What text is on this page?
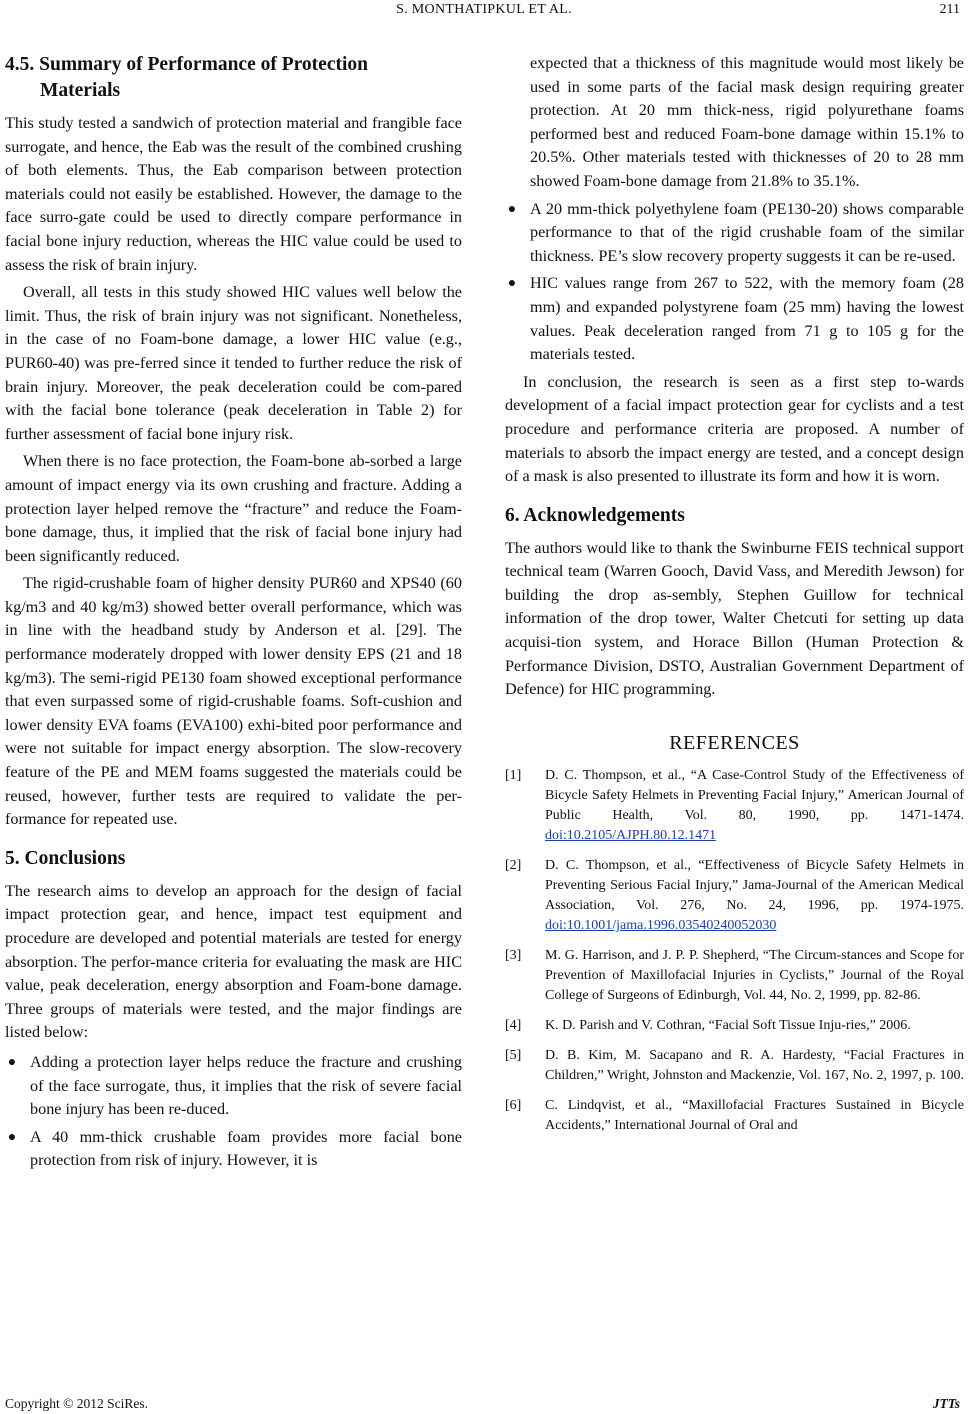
S. MONTHATIPKUL ET AL.	211
4.5. Summary of Performance of Protection
Materials

This study tested a sandwich of protection material and frangible face surrogate, and hence, the Eab was the result of the combined crushing of both elements. Thus, the Eab comparison between protection materials could not easily be established. However, the damage to the face surro-gate could be used to directly compare performance in facial bone injury reduction, whereas the HIC value could be used to assess the risk of brain injury.

Overall, all tests in this study showed HIC values well below the limit. Thus, the risk of brain injury was not significant. Nonetheless, in the case of no Foam-bone damage, a lower HIC value (e.g., PUR60-40) was pre-ferred since it tended to further reduce the risk of brain injury. Moreover, the peak deceleration could be com-pared with the facial bone tolerance (peak deceleration in Table 2) for further assessment of facial bone injury risk.

When there is no face protection, the Foam-bone ab-sorbed a large amount of impact energy via its own crushing and fracture. Adding a protection layer helped remove the “fracture” and reduce the Foam-bone damage, thus, it implied that the risk of facial bone injury had been significantly reduced.

The rigid-crushable foam of higher density PUR60 and XPS40 (60 kg/m3 and 40 kg/m3) showed better overall performance, which was in line with the headband study by Anderson et al. [29]. The performance moderately dropped with lower density EPS (21 and 18 kg/m3). The semi-rigid PE130 foam showed exceptional performance that even surpassed some of rigid-crushable foams. Soft-cushion and lower density EVA foams (EVA100) exhi-bited poor performance and were not suitable for impact energy absorption. The slow-recovery feature of the PE and MEM foams suggested the materials could be reused, however, further tests are required to validate the per-formance for repeated use.

5. Conclusions

The research aims to develop an approach for the design of facial impact protection gear, and hence, impact test equipment and procedure are developed and potential materials are tested for energy absorption. The perfor-mance criteria for evaluating the mask are HIC value, peak deceleration, energy absorption and Foam-bone damage. Three groups of materials were tested, and the major findings are listed below:

● Adding a protection layer helps reduce the fracture and crushing of the face surrogate, thus, it implies that the risk of severe facial bone injury has been re-duced.
● A 40 mm-thick crushable foam provides more facial bone protection from risk of injury. However, it is
expected that a thickness of this magnitude would most likely be used in some parts of the facial mask design requiring greater protection. At 20 mm thick-ness, rigid polyurethane foams performed best and reduced Foam-bone damage within 15.1% to 20.5%. Other materials tested with thicknesses of 20 to 28 mm showed Foam-bone damage from 21.8% to 35.1%.
● A 20 mm-thick polyethylene foam (PE130-20) shows comparable performance to that of the rigid crushable foam of the similar thickness. PE’s slow recovery property suggests it can be re-used.
● HIC values range from 267 to 522, with the memory foam (28 mm) and expanded polystyrene foam (25 mm) having the lowest values. Peak deceleration ranged from 71 g to 105 g for the materials tested.

In conclusion, the research is seen as a first step to-wards development of a facial impact protection gear for cyclists and a test procedure and performance criteria are proposed. A number of materials to absorb the impact energy are tested, and a concept design of a mask is also presented to illustrate its form and how it is worn.

6. Acknowledgements

The authors would like to thank the Swinburne FEIS technical support technical team (Warren Gooch, David Vass, and Meredith Jewson) for building the drop as-sembly, Stephen Guillow for technical information of the drop tower, Walter Chetcuti for setting up data acquisi-tion system, and Horace Billon (Human Protection & Performance Division, DSTO, Australian Government Department of Defence) for HIC programming.

REFERENCES
[1] D. C. Thompson, et al., “A Case-Control Study of the Effectiveness of Bicycle Safety Helmets in Preventing Facial Injury,” American Journal of Public Health, Vol. 80, 1990, pp. 1471-1474. doi:10.2105/AJPH.80.12.1471
[2] D. C. Thompson, et al., “Effectiveness of Bicycle Safety Helmets in Preventing Serious Facial Injury,” Jama-Journal of the American Medical Association, Vol. 276, No. 24, 1996, pp. 1974-1975. doi:10.1001/jama.1996.03540240052030
[3] M. G. Harrison, and J. P. P. Shepherd, “The Circum-stances and Scope for Prevention of Maxillofacial Injuries in Cyclists,” Journal of the Royal College of Surgeons of Edinburgh, Vol. 44, No. 2, 1999, pp. 82-86.
[4] K. D. Parish and V. Cothran, “Facial Soft Tissue Inju-ries,” 2006.
[5] D. B. Kim, M. Sacapano and R. A. Hardesty, “Facial Fractures in Children,” Wright, Johnston and Mackenzie, Vol. 167, No. 2, 1997, p. 100.
[6] C. Lindqvist, et al., “Maxillofacial Fractures Sustained in Bicycle Accidents,” International Journal of Oral and
Copyright © 2012 SciRes.	JTTs
